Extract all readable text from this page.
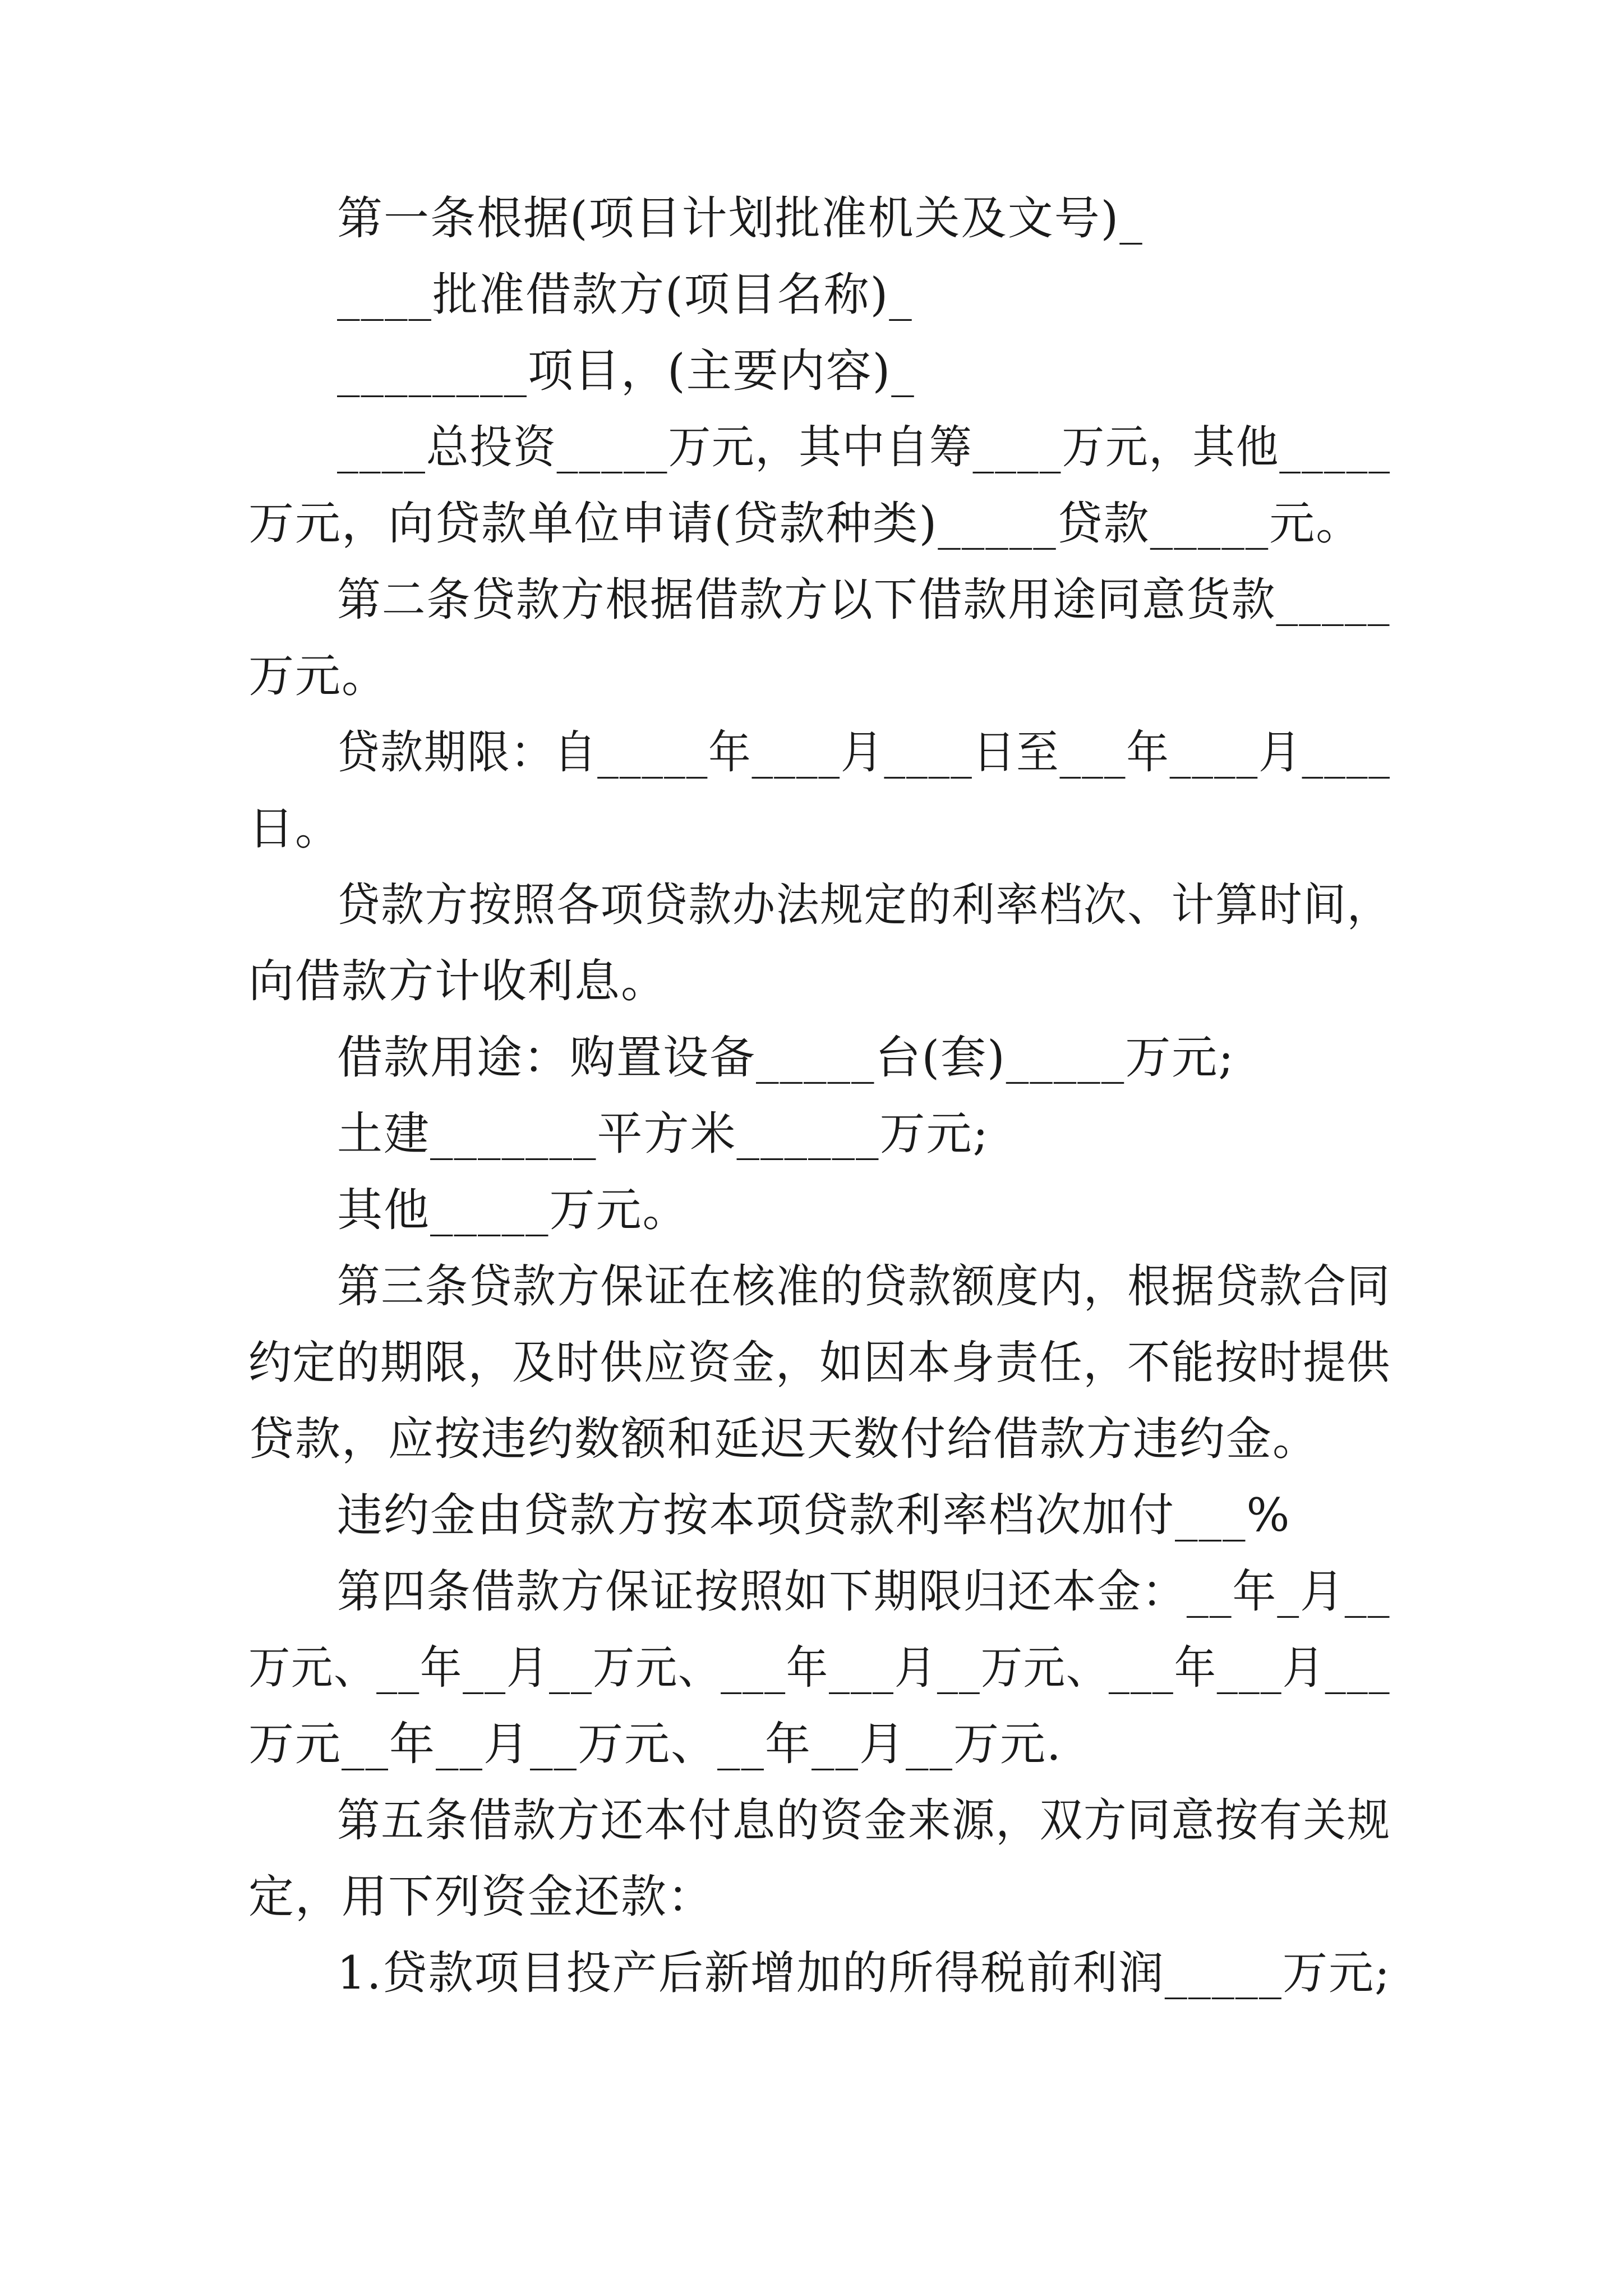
第一条根据(项目计划批准机关及文号)_
____批准借款方(项目名称)_
________项目，(主要内容)_
____总投资_____万元，其中自筹____万元，其他_____
万元，向贷款单位申请(贷款种类)_____贷款_____元。
第二条贷款方根据借款方以下借款用途同意货款_____
万元。
贷款期限：自_____年____月____日至___年____月____
日。
贷款方按照各项贷款办法规定的利率档次、计算时间，
向借款方计收利息。
借款用途：购置设备_____台(套)_____万元;
土建_______平方米______万元;
其他_____万元。
第三条贷款方保证在核准的贷款额度内，根据贷款合同
约定的期限，及时供应资金，如因本身责任，不能按时提供
贷款，应按违约数额和延迟天数付给借款方违约金。
违约金由贷款方按本项贷款利率档次加付___%
第四条借款方保证按照如下期限归还本金：__年_月__
万元、__年__月__万元、___年___月__万元、___年___月___
万元__年__月__万元、__年__月__万元.
第五条借款方还本付息的资金来源，双方同意按有关规
定，用下列资金还款：
1.贷款项目投产后新增加的所得税前利润_____万元;
